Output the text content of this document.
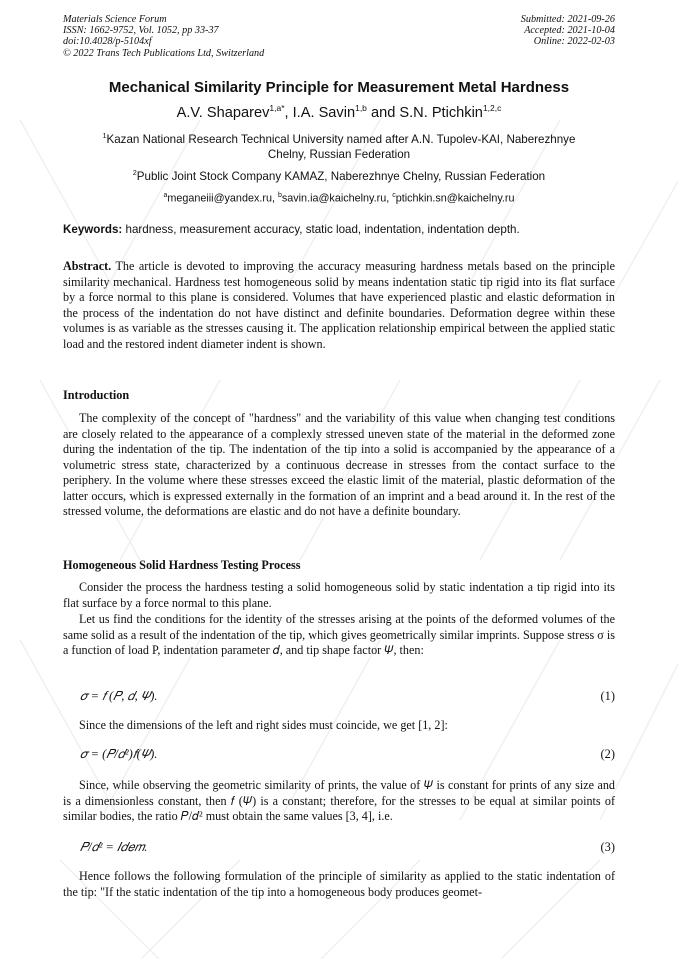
Materials Science Forum
ISSN: 1662-9752, Vol. 1052, pp 33-37
doi:10.4028/p-5104xf
© 2022 Trans Tech Publications Ltd, Switzerland
Submitted: 2021-09-26
Accepted: 2021-10-04
Online: 2022-02-03
Mechanical Similarity Principle for Measurement Metal Hardness
A.V. Shaparev$^{1,a*}$, I.A. Savin$^{1,b}$ and S.N. Ptichkin$^{1,2,c}$
$^1$Kazan National Research Technical University named after A.N. Tupolev-KAI, Naberezhnye Chelny, Russian Federation
$^2$Public Joint Stock Company KAMAZ, Naberezhnye Chelny, Russian Federation
$^a$meganeiii@yandex.ru, $^b$savin.ia@kaichelny.ru, $^c$ptichkin.sn@kaichelny.ru
Keywords: hardness, measurement accuracy, static load, indentation, indentation depth.
Abstract. The article is devoted to improving the accuracy measuring hardness metals based on the principle similarity mechanical. Hardness test homogeneous solid by means indentation static tip rigid into its flat surface by a force normal to this plane is considered. Volumes that have experienced plastic and elastic deformation in the process of the indentation do not have distinct and definite boundaries. Deformation degree within these volumes is as variable as the stresses causing it. The application relationship empirical between the applied static load and the restored indent diameter indent is shown.
Introduction
The complexity of the concept of "hardness" and the variability of this value when changing test conditions are closely related to the appearance of a complexly stressed uneven state of the material in the deformed zone during the indentation of the tip. The indentation of the tip into a solid is accompanied by the appearance of a volumetric stress state, characterized by a continuous decrease in stresses from the contact surface to the periphery. In the volume where these stresses exceed the elastic limit of the material, plastic deformation of the latter occurs, which is expressed externally in the formation of an imprint and a bead around it. In the rest of the stressed volume, the deformations are elastic and do not have a definite boundary.
Homogeneous Solid Hardness Testing Process
Consider the process the hardness testing a solid homogeneous solid by static indentation a tip rigid into its flat surface by a force normal to this plane.
Let us find the conditions for the identity of the stresses arising at the points of the deformed volumes of the same solid as a result of the indentation of the tip, which gives geometrically similar imprints. Suppose stress σ is a function of load P, indentation parameter 𝑑, and tip shape factor 𝛹, then:
𝜎 = 𝑓 (𝑃, 𝑑, 𝛹).	(1)
Since the dimensions of the left and right sides must coincide, we get [1, 2]:
𝜎 = (𝑃/𝑑²)𝑓(𝛹).	(2)
Since, while observing the geometric similarity of prints, the value of 𝛹 is constant for prints of any size and is a dimensionless constant, then 𝑓 (𝛹) is a constant; therefore, for the stresses to be equal at similar points of similar bodies, the ratio 𝑃/𝑑² must obtain the same values [3, 4], i.e.
𝑃/𝑑² = 𝐼𝑑𝑒𝑚.	(3)
Hence follows the following formulation of the principle of similarity as applied to the static indentation of the tip: "If the static indentation of the tip into a homogeneous body produces geomet-
